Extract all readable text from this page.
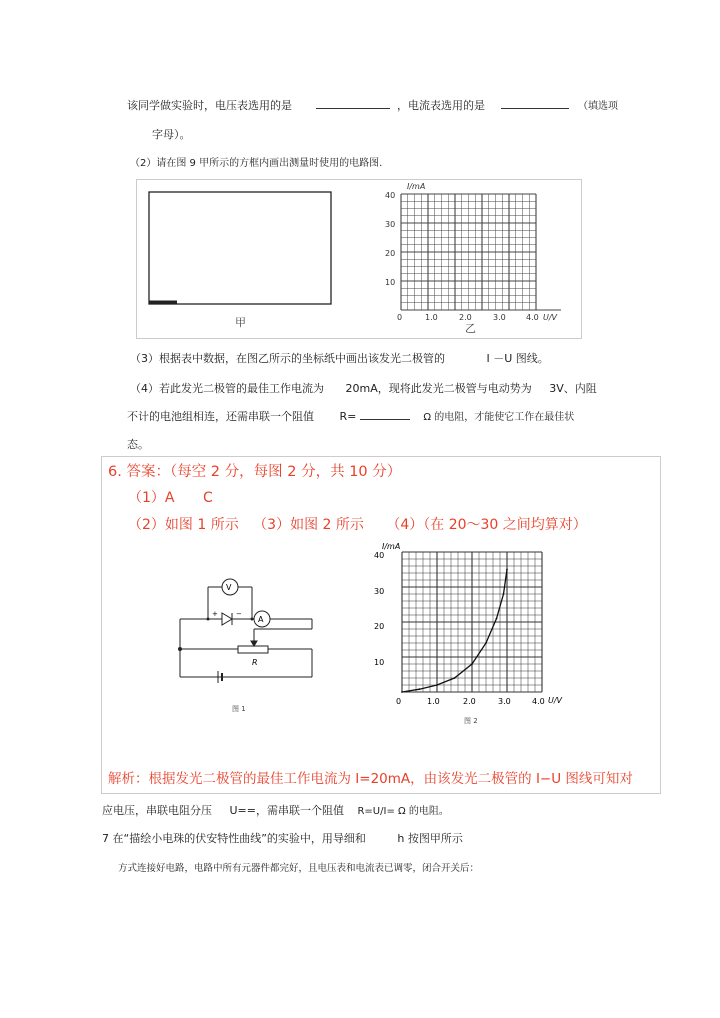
该同学做实验时，电压表选用的是	，电流表选用的是	（填选项
字母）。
（2）请在图 9 甲所示的方框内画出测量时使用的电路图.
甲	乙
I/mA
U/V
40
30
20
10
0	1.0	2.0	3.0	4.0
（3）根据表中数据，在图乙所示的坐标纸中画出该发光二极管的	I －U 图线。
（4）若此发光二极管的最佳工作电流为 20mA，现将此发光二极管与电动势为 3V、内阻
不计的电池组相连，还需串联一个阻值 R=	Ω 的电阻，才能使它工作在最佳状
态。
6. 答案：（每空 2 分，每图 2 分，共 10 分）
（1）A C
（2）如图 1 所示 （3）如图 2 所示 （4）（在 20～30 之间均算对）
V
A
R
+	−
图 1
I/mA
U/V
40
30
20
10
0	1.0	2.0	3.0	4.0
图 2
解析：根据发光二极管的最佳工作电流为 I=20mA，由该发光二极管的 I−U 图线可知对
应电压，串联电阻分压 U==，需串联一个阻值 R=U/I= Ω 的电阻。
7 在“描绘小电珠的伏安特性曲线”的实验中，用导细和	h 按图甲所示
方式连接好电路，电路中所有元器件都完好，且电压表和电流表已调零，闭合开关后：
